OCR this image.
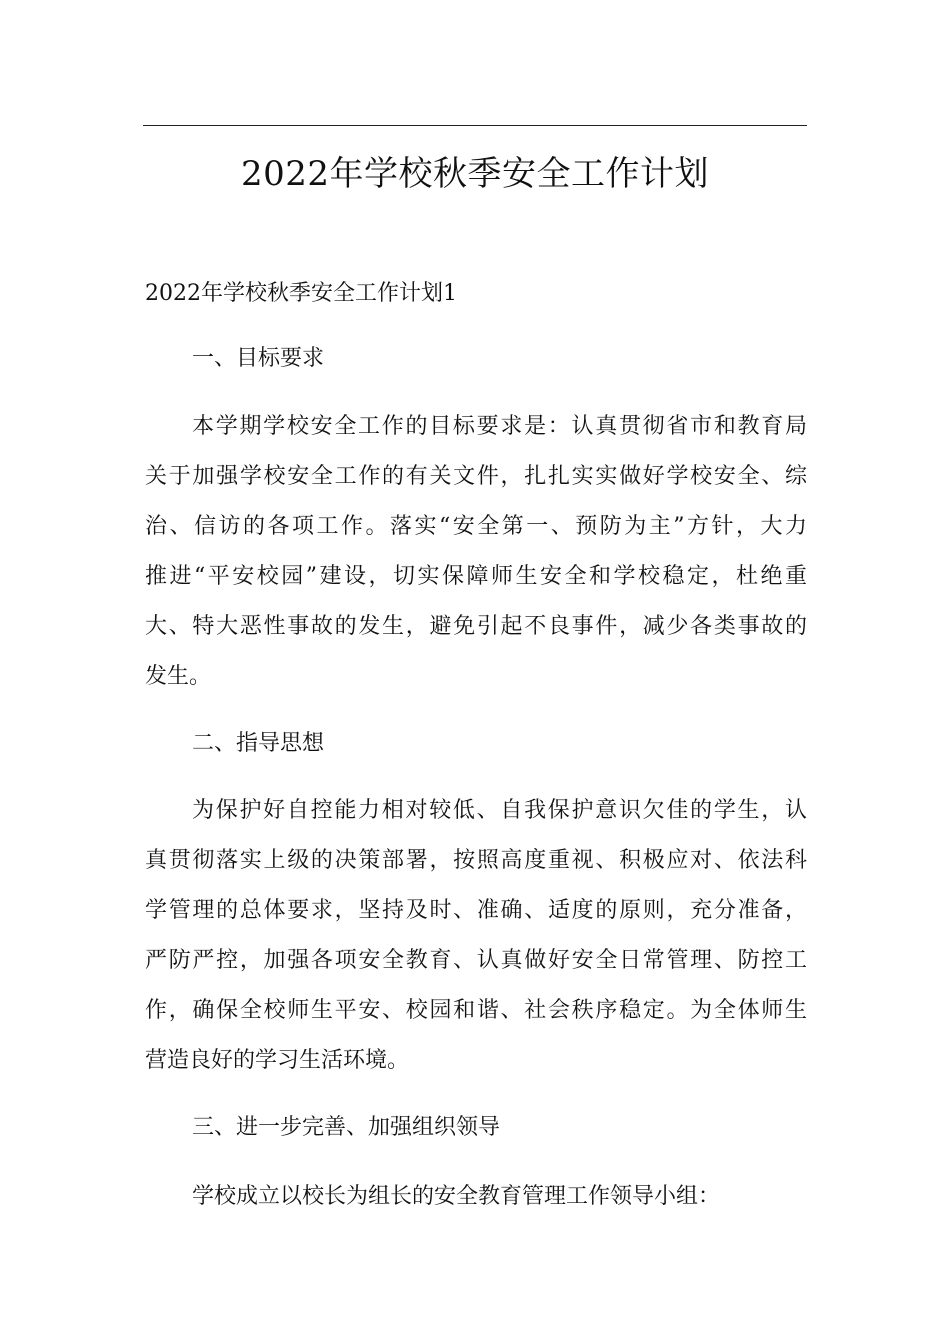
2022年学校秋季安全工作计划

2022年学校秋季安全工作计划1

一、目标要求

本学期学校安全工作的目标要求是：认真贯彻省市和教育局
关于加强学校安全工作的有关文件，扎扎实实做好学校安全、综
治、信访的各项工作。落实“安全第一、预防为主”方针，大力
推进“平安校园”建设，切实保障师生安全和学校稳定，杜绝重
大、特大恶性事故的发生，避免引起不良事件，减少各类事故的
发生。

二、指导思想

为保护好自控能力相对较低、自我保护意识欠佳的学生，认
真贯彻落实上级的决策部署，按照高度重视、积极应对、依法科
学管理的总体要求，坚持及时、准确、适度的原则，充分准备，
严防严控，加强各项安全教育、认真做好安全日常管理、防控工
作，确保全校师生平安、校园和谐、社会秩序稳定。为全体师生
营造良好的学习生活环境。

三、进一步完善、加强组织领导

学校成立以校长为组长的安全教育管理工作领导小组：
